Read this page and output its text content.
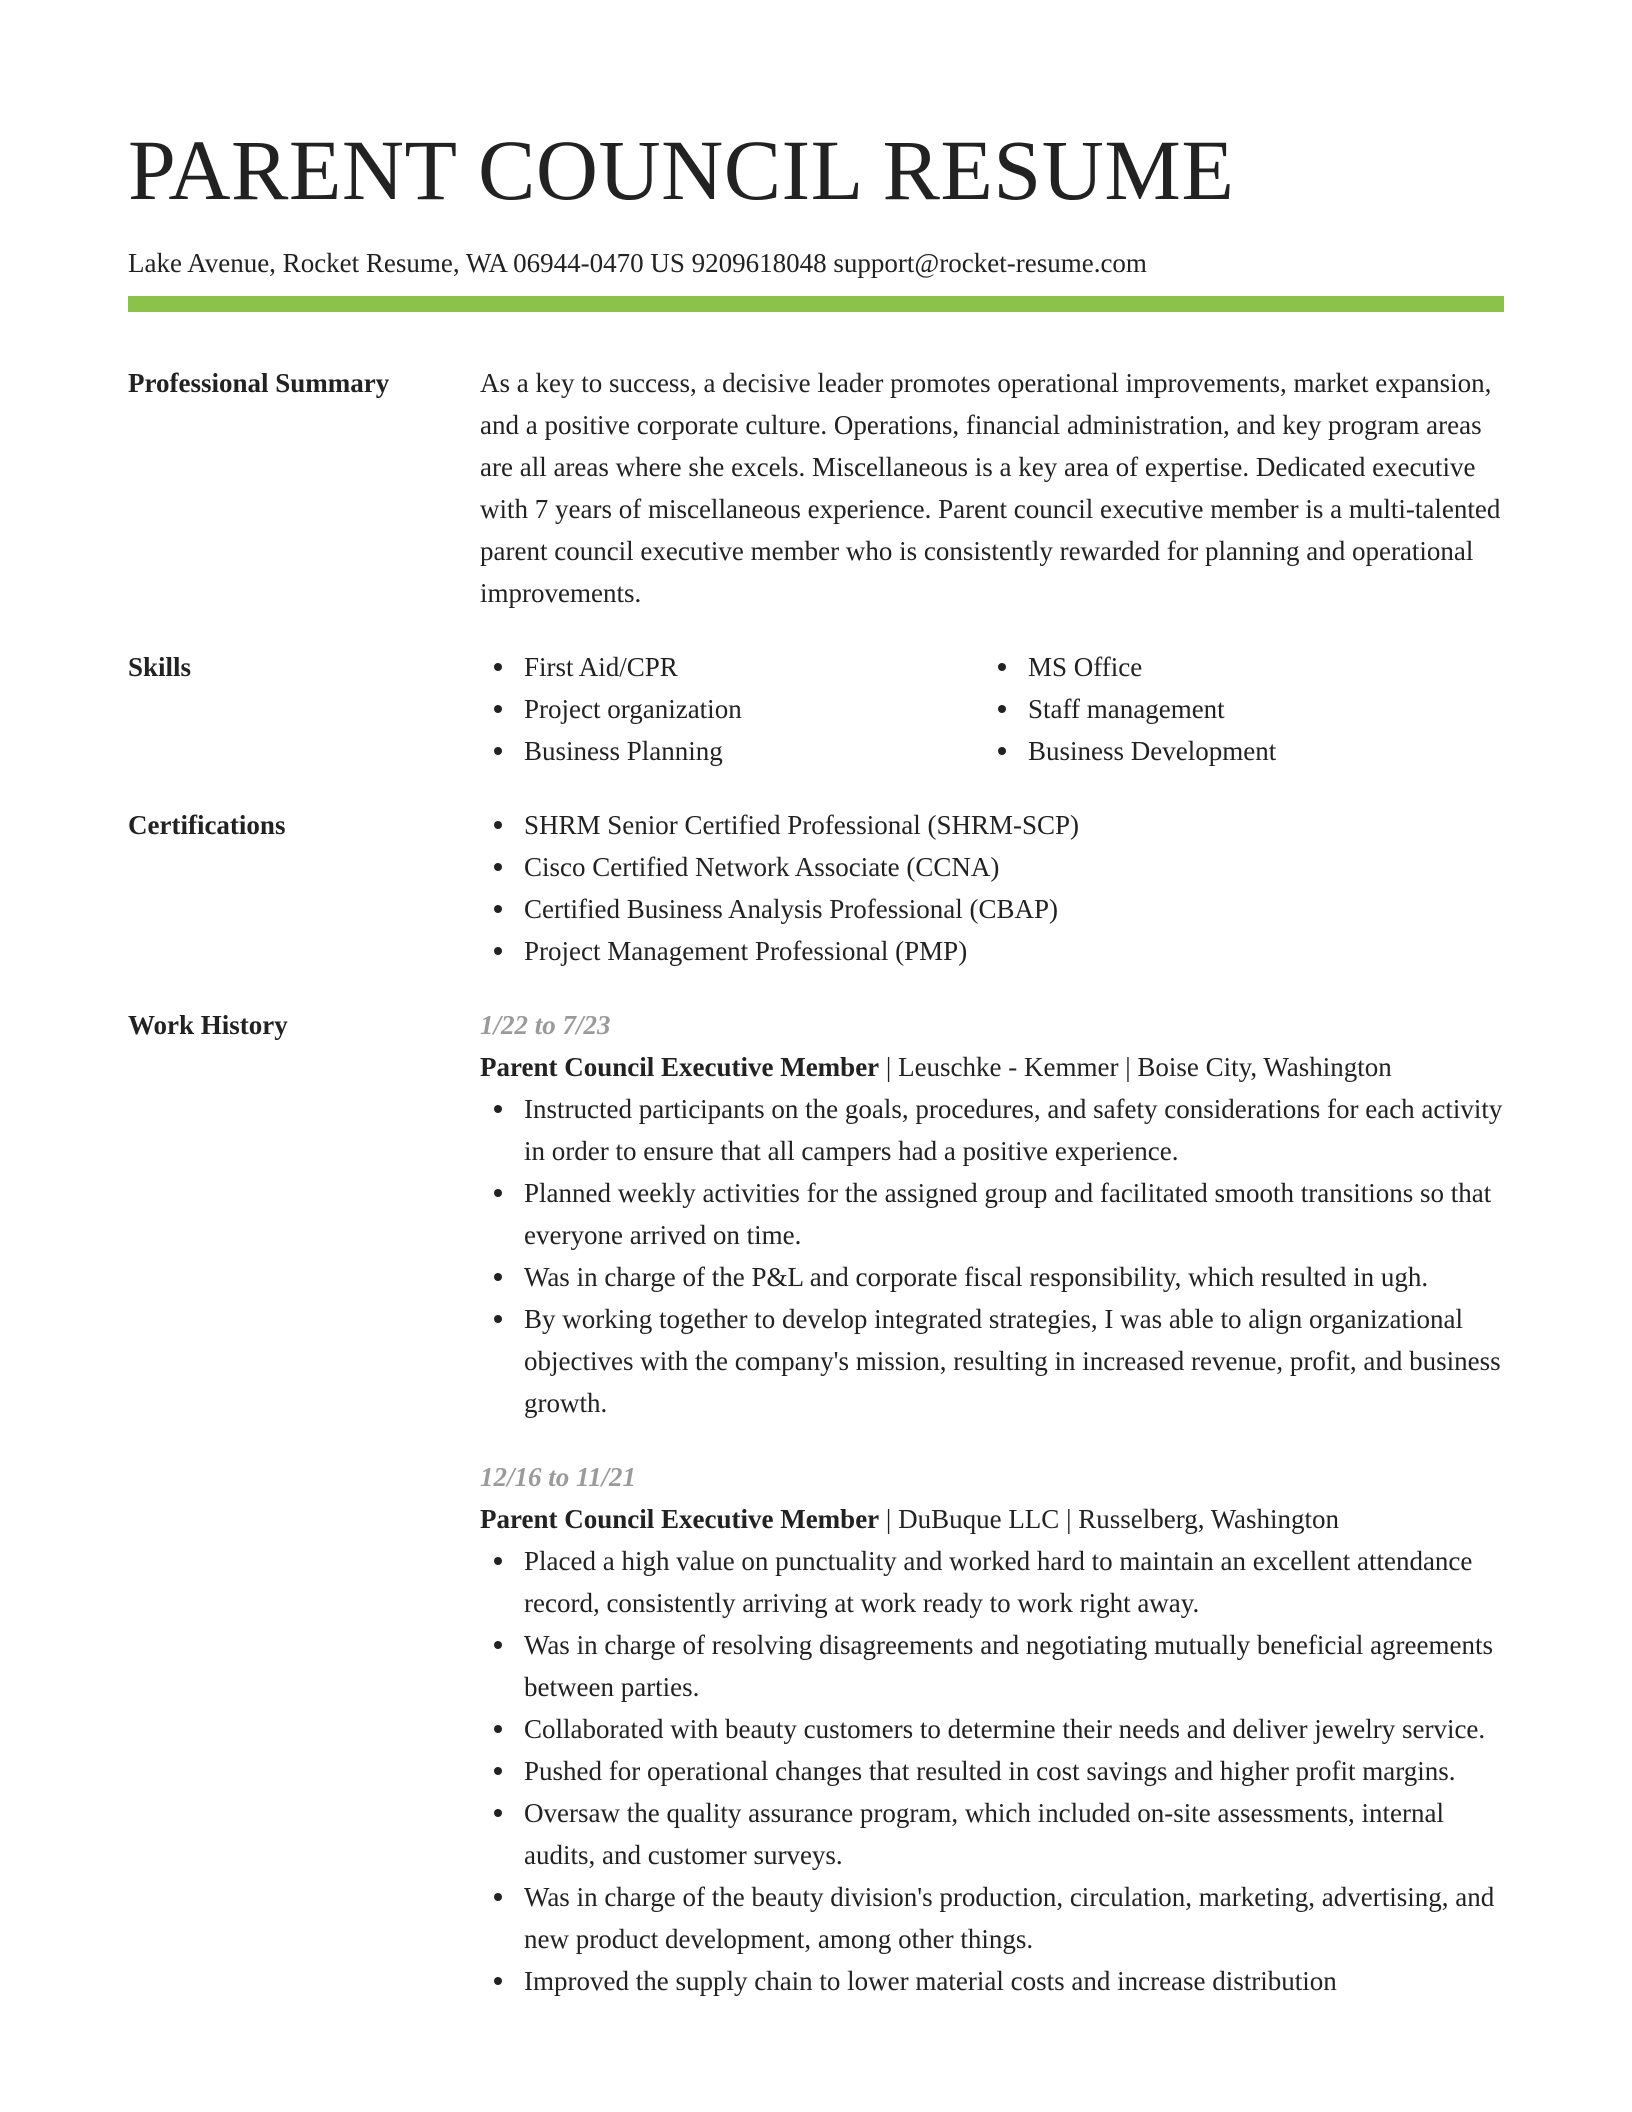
PARENT COUNCIL RESUME
Lake Avenue, Rocket Resume, WA 06944-0470 US 9209618048 support@rocket-resume.com
Professional Summary	As a key to success, a decisive leader promotes operational improvements, market expansion, and a positive corporate culture. Operations, financial administration, and key program areas are all areas where she excels. Miscellaneous is a key area of expertise. Dedicated executive with 7 years of miscellaneous experience. Parent council executive member is a multi-talented parent council executive member who is consistently rewarded for planning and operational improvements.
Skills	First Aid/CPR
Project organization
Business Planning
MS Office
Staff management
Business Development
Certifications	SHRM Senior Certified Professional (SHRM-SCP)
Cisco Certified Network Associate (CCNA)
Certified Business Analysis Professional (CBAP)
Project Management Professional (PMP)
Work History	1/22 to 7/23
Parent Council Executive Member | Leuschke - Kemmer | Boise City, Washington
Instructed participants on the goals, procedures, and safety considerations for each activity in order to ensure that all campers had a positive experience.
Planned weekly activities for the assigned group and facilitated smooth transitions so that everyone arrived on time.
Was in charge of the P&L and corporate fiscal responsibility, which resulted in ugh.
By working together to develop integrated strategies, I was able to align organizational objectives with the company's mission, resulting in increased revenue, profit, and business growth.
12/16 to 11/21
Parent Council Executive Member | DuBuque LLC | Russelberg, Washington
Placed a high value on punctuality and worked hard to maintain an excellent attendance record, consistently arriving at work ready to work right away.
Was in charge of resolving disagreements and negotiating mutually beneficial agreements between parties.
Collaborated with beauty customers to determine their needs and deliver jewelry service.
Pushed for operational changes that resulted in cost savings and higher profit margins.
Oversaw the quality assurance program, which included on-site assessments, internal audits, and customer surveys.
Was in charge of the beauty division's production, circulation, marketing, advertising, and new product development, among other things.
Improved the supply chain to lower material costs and increase distribution
